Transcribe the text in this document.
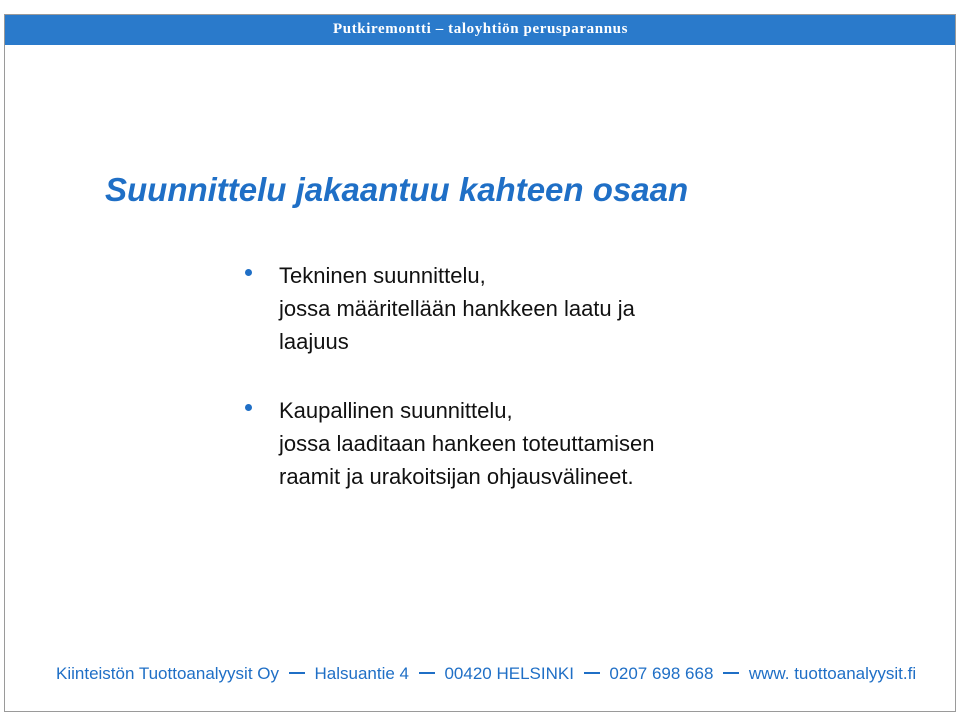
Putkiremontti – taloyhtiön perusparannus
Suunnittelu jakaantuu kahteen osaan
Tekninen suunnittelu,
jossa määritellään hankkeen laatu ja
laajuus
Kaupallinen suunnittelu,
jossa laaditaan hankeen toteuttamisen
raamit ja urakoitsijan ohjausvälineet.
Kiinteistön Tuottoanalyysit Oy Halsuantie 4 00420 HELSINKI 0207 698 668 www. tuottoanalyysit.fi
